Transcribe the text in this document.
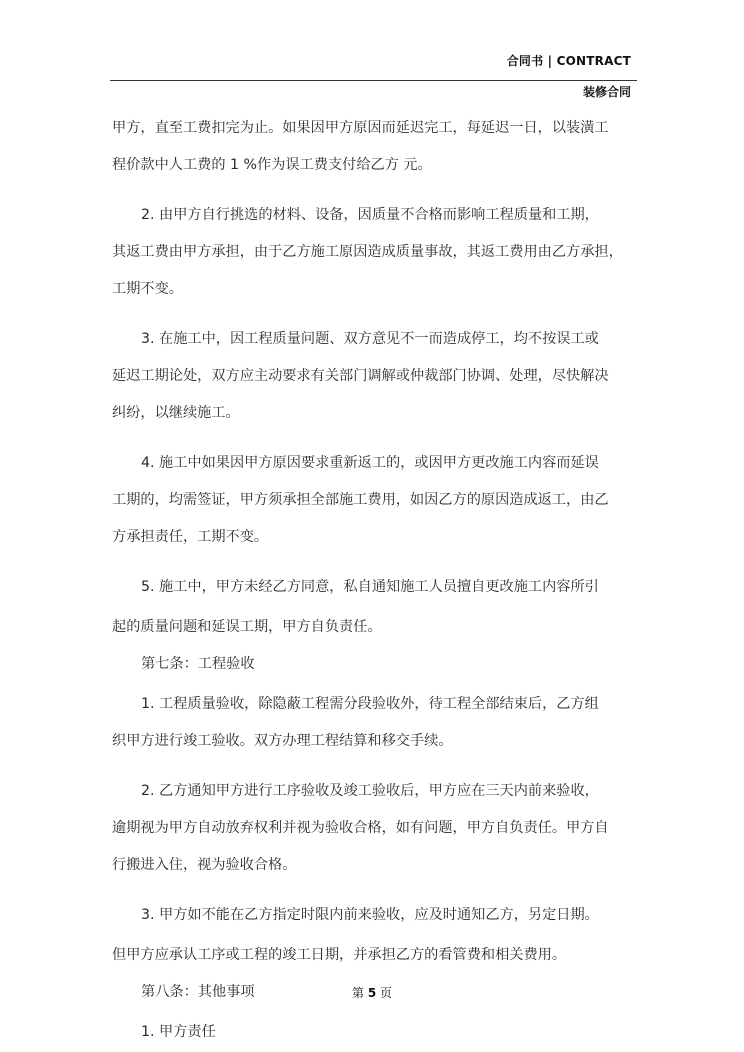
合同书 | CONTRACT
装修合同
甲方，直至工费扣完为止。如果因甲方原因而延迟完工，每延迟一日，以装潢工
程价款中人工费的 1 %作为误工费支付给乙方 元。
2. 由甲方自行挑选的材料、设备，因质量不合格而影响工程质量和工期，
其返工费由甲方承担，由于乙方施工原因造成质量事故，其返工费用由乙方承担，
工期不变。
3. 在施工中，因工程质量问题、双方意见不一而造成停工，均不按误工或
延迟工期论处，双方应主动要求有关部门调解或仲裁部门协调、处理，尽快解决
纠纷，以继续施工。
4. 施工中如果因甲方原因要求重新返工的，或因甲方更改施工内容而延误
工期的，均需签证，甲方须承担全部施工费用，如因乙方的原因造成返工，由乙
方承担责任，工期不变。
5. 施工中，甲方未经乙方同意，私自通知施工人员擅自更改施工内容所引
起的质量问题和延误工期，甲方自负责任。
第七条：工程验收
1. 工程质量验收，除隐蔽工程需分段验收外，待工程全部结束后，乙方组
织甲方进行竣工验收。双方办理工程结算和移交手续。
2. 乙方通知甲方进行工序验收及竣工验收后，甲方应在三天内前来验收，
逾期视为甲方自动放弃权利并视为验收合格，如有问题，甲方自负责任。甲方自
行搬进入住，视为验收合格。
3. 甲方如不能在乙方指定时限内前来验收，应及时通知乙方，另定日期。
但甲方应承认工序或工程的竣工日期，并承担乙方的看管费和相关费用。
第八条：其他事项
1. 甲方责任
第 5 页
